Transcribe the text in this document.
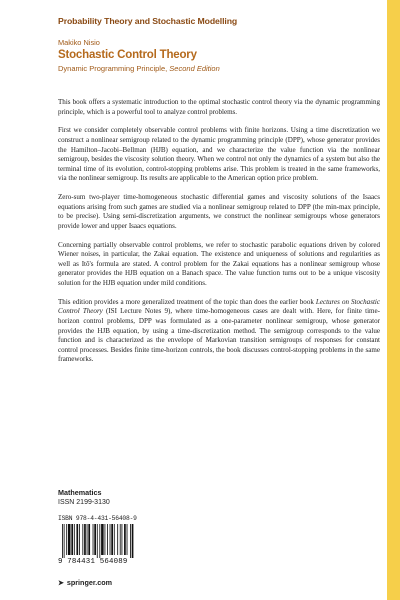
Probability Theory and Stochastic Modelling
Makiko Nisio
Stochastic Control Theory
Dynamic Programming Principle, Second Edition

This book offers a systematic introduction to the optimal stochastic control theory via the dynamic programming principle, which is a powerful tool to analyze control problems.

First we consider completely observable control problems with finite horizons. Using a time discretization we construct a nonlinear semigroup related to the dynamic programming principle (DPP), whose generator provides the Hamilton–Jacobi–Bellman (HJB) equation, and we characterize the value function via the nonlinear semigroup, besides the viscosity solution theory. When we control not only the dynamics of a system but also the terminal time of its evolution, control-stopping problems arise. This problem is treated in the same frameworks, via the nonlinear semigroup. Its results are applicable to the American option price problem.

Zero-sum two-player time-homogeneous stochastic differential games and viscosity solutions of the Isaacs equations arising from such games are studied via a nonlinear semigroup related to DPP (the min-max principle, to be precise). Using semi-discretization arguments, we construct the nonlinear semigroups whose generators provide lower and upper Isaacs equations.

Concerning partially observable control problems, we refer to stochastic parabolic equations driven by colored Wiener noises, in particular, the Zakai equation. The existence and uniqueness of solutions and regularities as well as Itô's formula are stated. A control problem for the Zakai equations has a nonlinear semigroup whose generator provides the HJB equation on a Banach space. The value function turns out to be a unique viscosity solution for the HJB equation under mild conditions.

This edition provides a more generalized treatment of the topic than does the earlier book Lectures on Stochastic Control Theory (ISI Lecture Notes 9), where time-homogeneous cases are dealt with. Here, for finite time-horizon control problems, DPP was formulated as a one-parameter nonlinear semigroup, whose generator provides the HJB equation, by using a time-discretization method. The semigroup corresponds to the value function and is characterized as the envelope of Markovian transition semigroups of responses for constant control processes. Besides finite time-horizon controls, the book discusses control-stopping problems in the same frameworks.

Mathematics
ISSN 2199-3130
ISBN 978-4-431-56408-9
9 784431 564089
➤ springer.com
